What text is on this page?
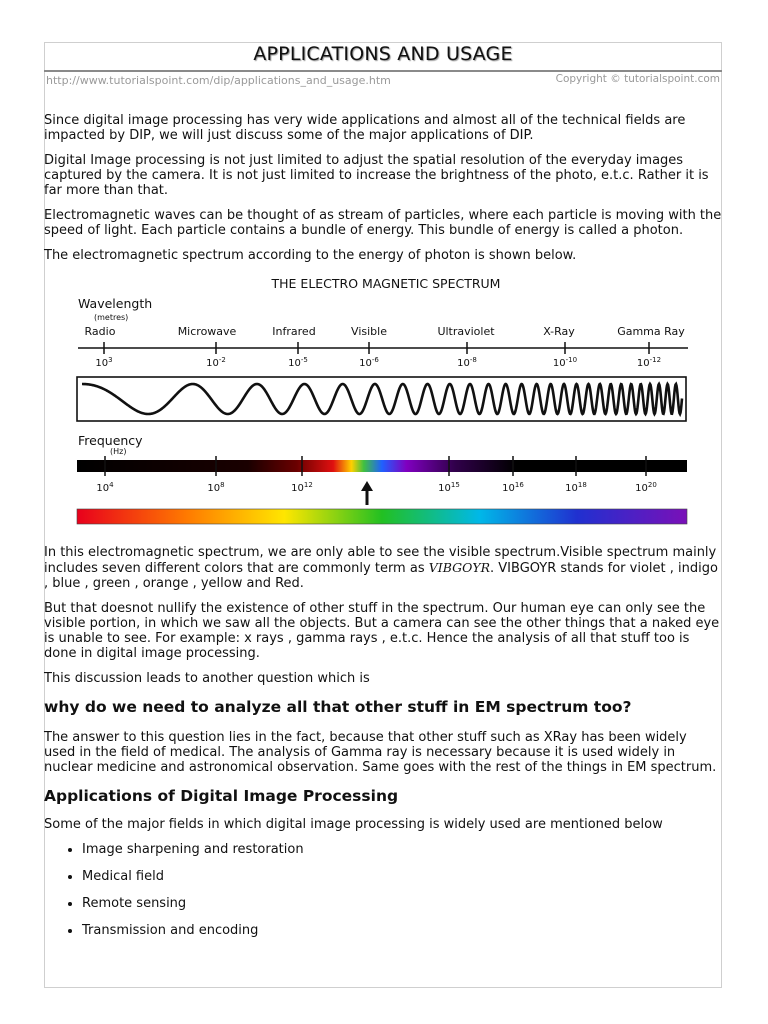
APPLICATIONS AND USAGE
http://www.tutorialspoint.com/dip/applications_and_usage.htm	Copyright © tutorialspoint.com

Since digital image processing has very wide applications and almost all of the technical fields are impacted by DIP, we will just discuss some of the major applications of DIP.

Digital Image processing is not just limited to adjust the spatial resolution of the everyday images captured by the camera. It is not just limited to increase the brightness of the photo, e.t.c. Rather it is far more than that.

Electromagnetic waves can be thought of as stream of particles, where each particle is moving with the speed of light. Each particle contains a bundle of energy. This bundle of energy is called a photon.

The electromagnetic spectrum according to the energy of photon is shown below.

THE ELECTRO MAGNETIC SPECTRUM
Wavelength
(metres)
Radio	Microwave	Infrared	Visible	Ultraviolet	X-Ray	Gamma Ray
$10^3$	$10^{-2}$	$10^{-5}$	$10^{-6}$	$10^{-8}$	$10^{-10}$	$10^{-12}$
Frequency
(Hz)
$10^4$	$10^8$	$10^{12}$	$10^{15}$	$10^{16}$	$10^{18}$	$10^{20}$

In this electromagnetic spectrum, we are only able to see the visible spectrum.Visible spectrum mainly includes seven different colors that are commonly term as VIBGOYR. VIBGOYR stands for violet , indigo , blue , green , orange , yellow and Red.

But that doesnot nullify the existence of other stuff in the spectrum. Our human eye can only see the visible portion, in which we saw all the objects. But a camera can see the other things that a naked eye is unable to see. For example: x rays , gamma rays , e.t.c. Hence the analysis of all that stuff too is done in digital image processing.

This discussion leads to another question which is

why do we need to analyze all that other stuff in EM spectrum too?

The answer to this question lies in the fact, because that other stuff such as XRay has been widely used in the field of medical. The analysis of Gamma ray is necessary because it is used widely in nuclear medicine and astronomical observation. Same goes with the rest of the things in EM spectrum.

Applications of Digital Image Processing

Some of the major fields in which digital image processing is widely used are mentioned below

• Image sharpening and restoration
• Medical field
• Remote sensing
• Transmission and encoding
